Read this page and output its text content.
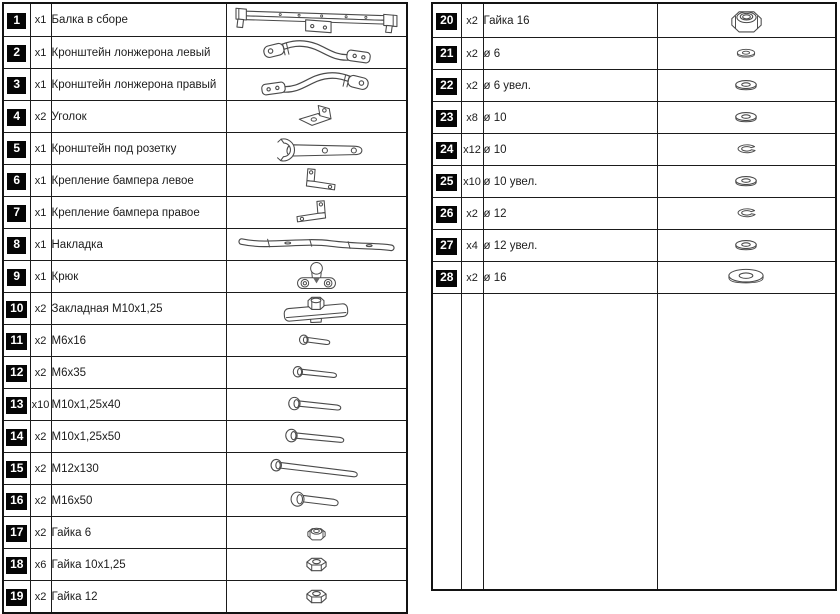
1	x1	Балка в сборе	
2	x1	Кронштейн лонжерона левый	
3	x1	Кронштейн лонжерона правый	
4	x2	Уголок	
5	x1	Кронштейн под розетку	
6	x1	Крепление бампера левое	
7	x1	Крепление бампера правое	
8	x1	Накладка	
9	x1	Крюк	
10	x2	Закладная M10x1,25	
11	x2	M6x16	
12	x2	M6x35	
13	x10	M10x1,25x40	
14	x2	M10x1,25x50	
15	x2	M12x130	
16	x2	M16x50	
17	x2	Гайка 6	
18	x6	Гайка 10x1,25	
19	x2	Гайка 12	
20	x2	Гайка 16	
21	x2	ø 6	
22	x2	ø 6 увел.	
23	x8	ø 10	
24	x12	ø 10	
25	x10	ø 10 увел.	
26	x2	ø 12	
27	x4	ø 12 увел.	
28	x2	ø 16	
